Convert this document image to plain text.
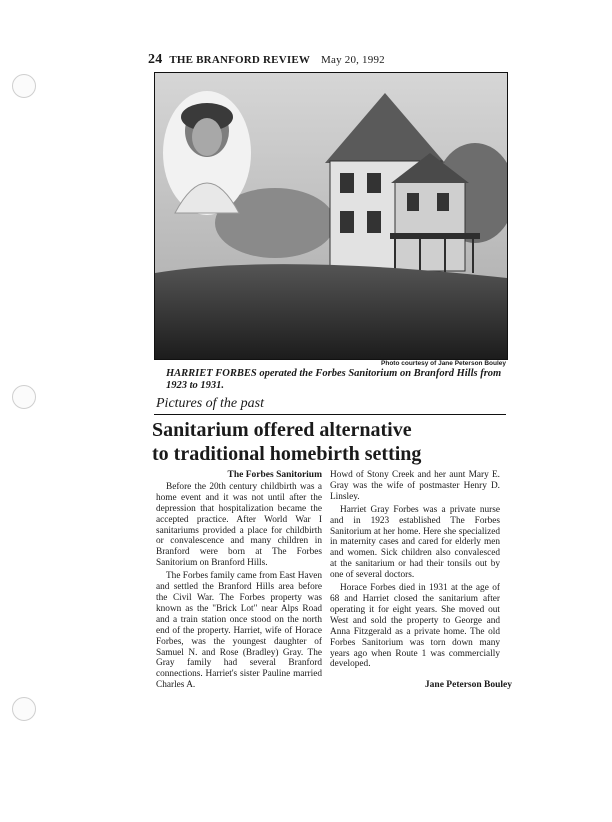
24 THE BRANFORD REVIEW May 20, 1992
Photo courtesy of Jane Peterson Bouley
HARRIET FORBES operated the Forbes Sanitorium on Branford Hills from 1923 to 1931.
Pictures of the past
Sanitarium offered alternative
to traditional homebirth setting
The Forbes Sanitorium

Before the 20th century childbirth was a home event and it was not until after the depression that hospitalization became the accepted practice. After World War I sanitariums provided a place for childbirth or convalescence and many children in Branford were born at The Forbes Sanitorium on Branford Hills.

The Forbes family came from East Haven and settled the Branford Hills area before the Civil War. The Forbes property was known as the "Brick Lot" near Alps Road and a train station once stood on the north end of the property. Harriet, wife of Horace Forbes, was the youngest daughter of Samuel N. and Rose (Bradley) Gray. The Gray family had several Branford connections. Harriet's sister Pauline married Charles A.

Howd of Stony Creek and her aunt Mary E. Gray was the wife of postmaster Henry D. Linsley.

Harriet Gray Forbes was a private nurse and in 1923 established The Forbes Sanitorium at her home. Here she specialized in maternity cases and cared for elderly men and women. Sick children also convalesced at the sanitarium or had their tonsils out by one of several doctors.

Horace Forbes died in 1931 at the age of 68 and Harriet closed the sanitarium after operating it for eight years. She moved out West and sold the property to George and Anna Fitzgerald as a private home. The old Forbes Sanitorium was torn down many years ago when Route 1 was commercially developed.

Jane Peterson Bouley
